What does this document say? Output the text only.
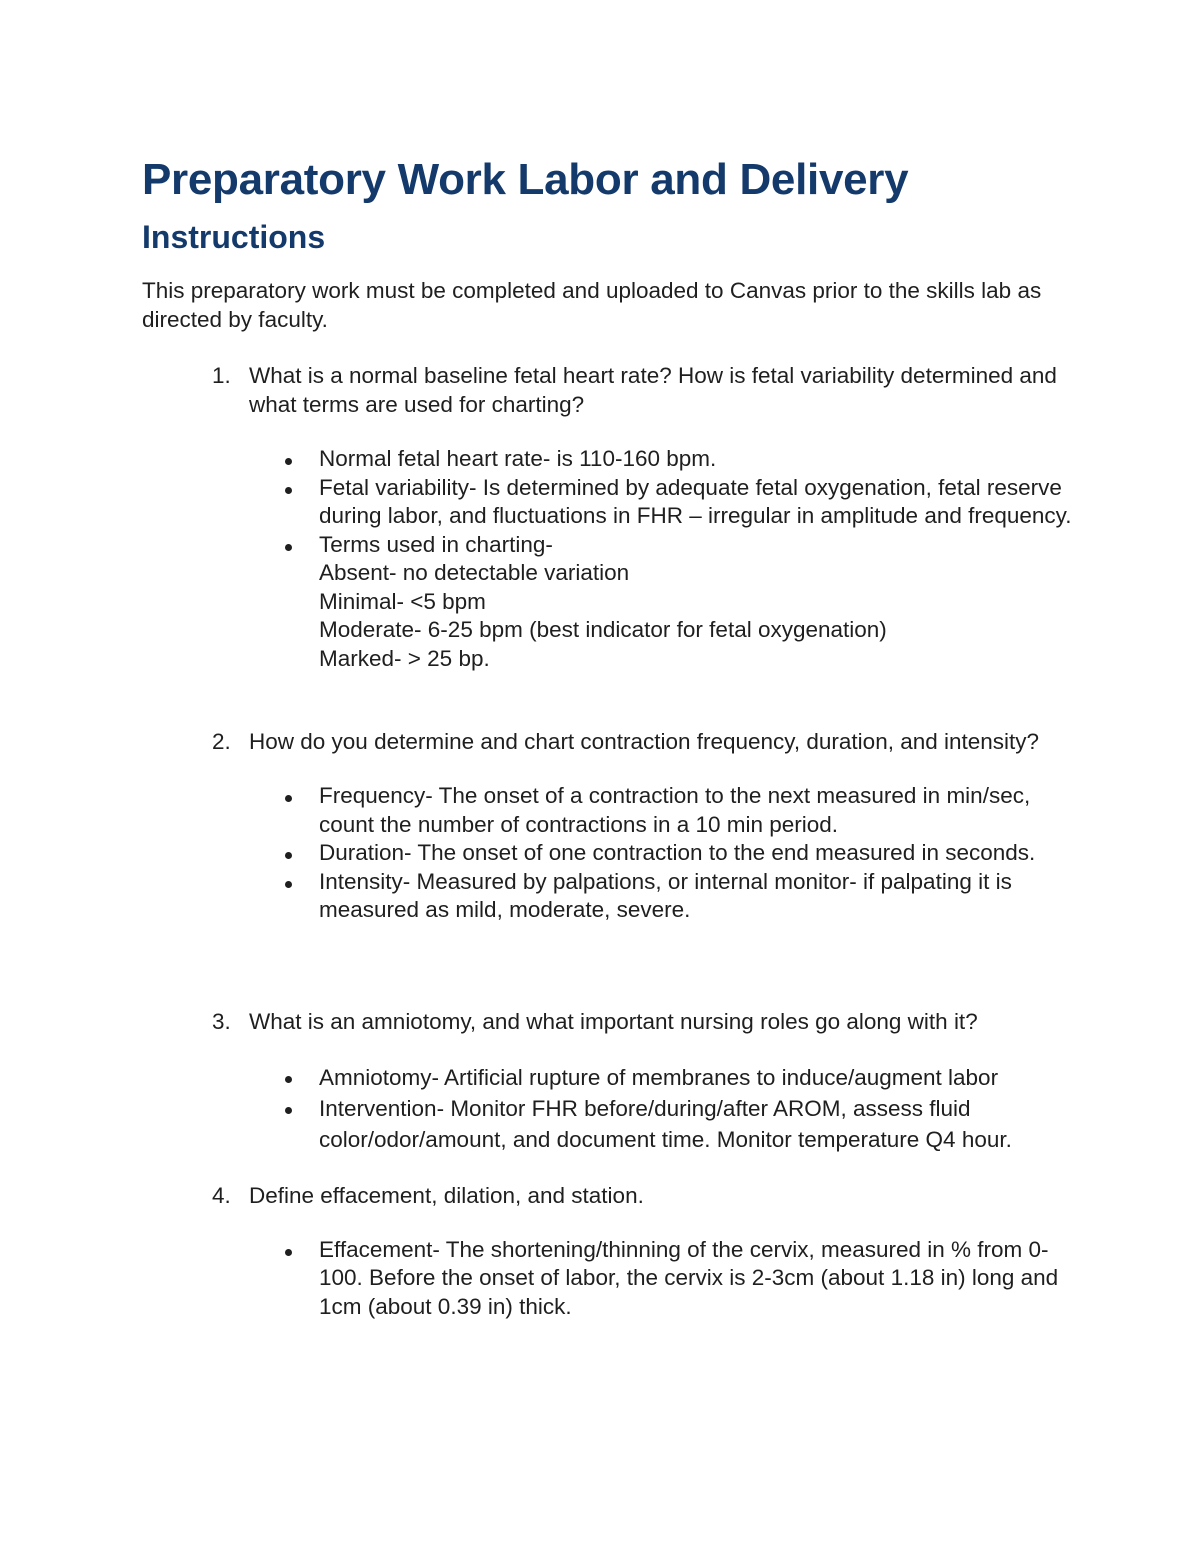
Preparatory Work Labor and Delivery
Instructions

This preparatory work must be completed and uploaded to Canvas prior to the skills lab as directed by faculty.

1. What is a normal baseline fetal heart rate? How is fetal variability determined and what terms are used for charting?
Normal fetal heart rate- is 110-160 bpm.
Fetal variability- Is determined by adequate fetal oxygenation, fetal reserve during labor, and fluctuations in FHR – irregular in amplitude and frequency.
Terms used in charting-
Absent- no detectable variation
Minimal- <5 bpm
Moderate- 6-25 bpm (best indicator for fetal oxygenation)
Marked- > 25 bp.
2. How do you determine and chart contraction frequency, duration, and intensity?
Frequency- The onset of a contraction to the next measured in min/sec, count the number of contractions in a 10 min period.
Duration- The onset of one contraction to the end measured in seconds.
Intensity- Measured by palpations, or internal monitor- if palpating it is measured as mild, moderate, severe.
3. What is an amniotomy, and what important nursing roles go along with it?
Amniotomy- Artificial rupture of membranes to induce/augment labor
Intervention- Monitor FHR before/during/after AROM, assess fluid color/odor/amount, and document time. Monitor temperature Q4 hour.
4. Define effacement, dilation, and station.
Effacement- The shortening/thinning of the cervix, measured in % from 0-100. Before the onset of labor, the cervix is 2-3cm (about 1.18 in) long and 1cm (about 0.39 in) thick.
